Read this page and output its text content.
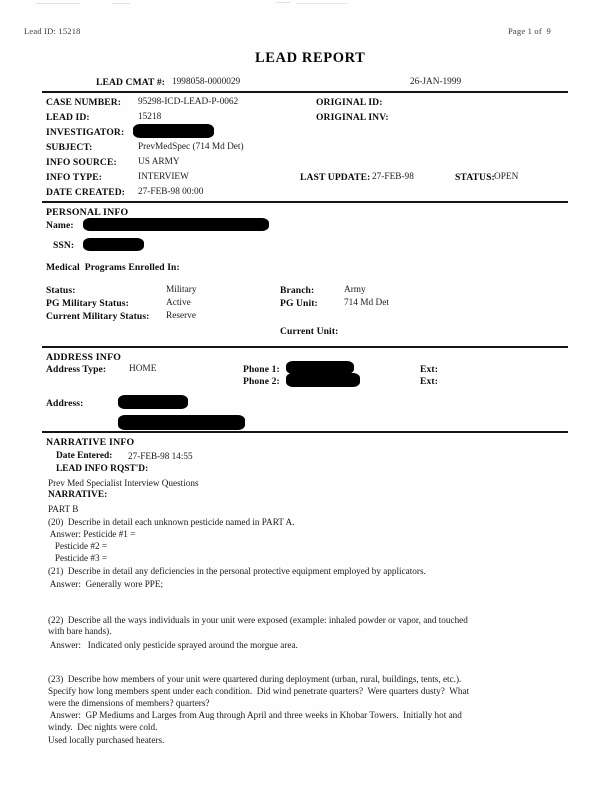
Lead ID: 15218	Page 1 of  9
LEAD REPORT
LEAD CMAT #: 1998058-0000029	26-JAN-1999
CASE NUMBER: 95298-ICD-LEAD-P-0062	ORIGINAL ID:
LEAD ID:	15218	ORIGINAL INV:
INVESTIGATOR:
SUBJECT:	PrevMedSpec (714 Md Det)
INFO SOURCE: US ARMY
INFO TYPE:	INTERVIEW	LAST UPDATE: 27-FEB-98	STATUS: OPEN
DATE CREATED: 27-FEB-98 00:00
PERSONAL INFO
Name:
SSN:
Medical  Programs Enrolled In:
Status:	Military	Branch:	Army
PG Military Status:	Active	PG Unit:	714 Md Det
Current Military Status: Reserve
Current Unit:
ADDRESS INFO
Address Type: HOME	Phone 1:	Ext:
Phone 2:	Ext:
Address:
NARRATIVE INFO
Date Entered: 27-FEB-98 14:55
LEAD INFO RQST'D:
Prev Med Specialist Interview Questions
NARRATIVE:
PART B
(20)  Describe in detail each unknown pesticide named in PART A.
Answer: Pesticide #1 =
Pesticide #2 =
Pesticide #3 =
(21)  Describe in detail any deficiencies in the personal protective equipment employed by applicators.
Answer:  Generally wore PPE;
(22)  Describe all the ways individuals in your unit were exposed (example: inhaled powder or vapor, and touched
with bare hands).
Answer:   Indicated only pesticide sprayed around the morgue area.
(23)  Describe how members of your unit were quartered during deployment (urban, rural, buildings, tents, etc.).
Specify how long members spent under each condition.  Did wind penetrate quarters?  Were quarters dusty?  What
were the dimensions of members? quarters?
Answer:  GP Mediums and Larges from Aug through April and three weeks in Khobar Towers.  Initially hot and
windy.  Dec nights were cold.
Used locally purchased heaters.
